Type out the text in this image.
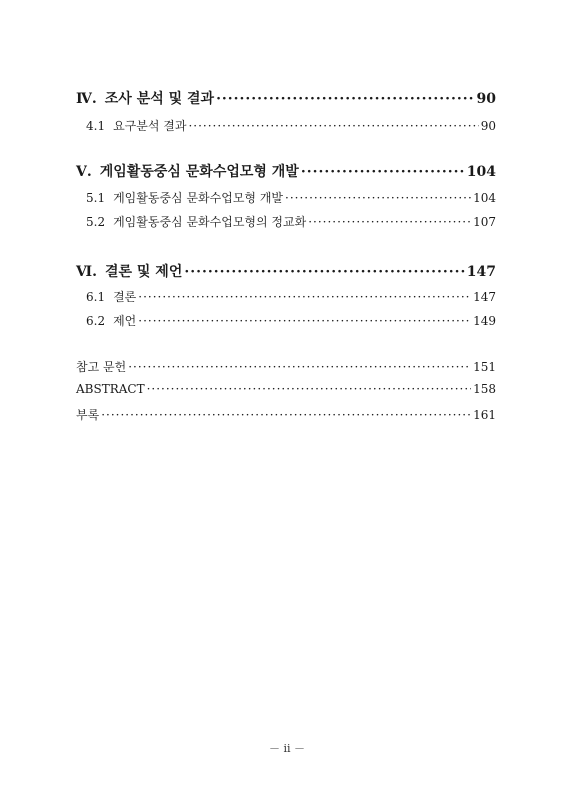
Ⅳ. 조사 분석 및 결과 ·····	90
4.1 요구분석 결과 ·····	90
Ⅴ. 게임활동중심 문화수업모형 개발 ·····	104
5.1 게임활동중심 문화수업모형 개발 ·····	104
5.2 게임활동중심 문화수업모형의 정교화 ·····	107
Ⅵ. 결론 및 제언 ·····	147
6.1 결론 ·····	147
6.2 제언 ·····	149
참고 문헌 ·····	151
ABSTRACT ·····	158
부록 ·····	161
－ ii －
